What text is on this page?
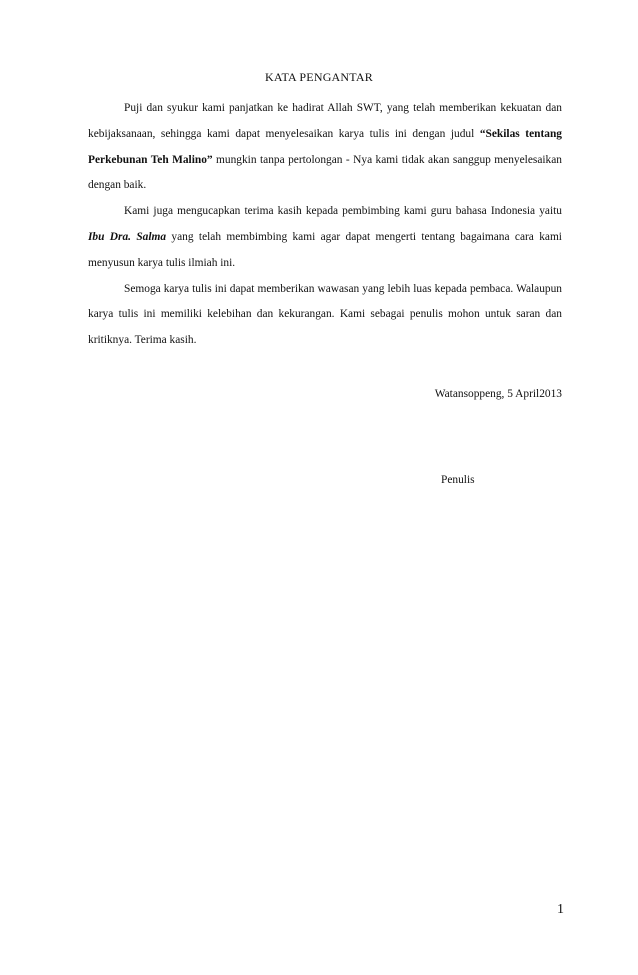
KATA PENGANTAR

Puji dan syukur kami panjatkan ke hadirat Allah SWT, yang telah memberikan kekuatan dan kebijaksanaan, sehingga kami dapat menyelesaikan karya tulis ini dengan judul “Sekilas tentang Perkebunan Teh Malino” mungkin tanpa pertolongan - Nya kami tidak akan sanggup menyelesaikan dengan baik.

Kami juga mengucapkan terima kasih kepada pembimbing kami guru bahasa Indonesia yaitu Ibu Dra. Salma yang telah membimbing kami agar dapat mengerti tentang bagaimana cara kami menyusun karya tulis ilmiah ini.

Semoga karya tulis ini dapat memberikan wawasan yang lebih luas kepada pembaca. Walaupun karya tulis ini memiliki kelebihan dan kekurangan. Kami sebagai penulis mohon untuk saran dan kritiknya. Terima kasih.

Watansoppeng, 5 April2013
Penulis
1
